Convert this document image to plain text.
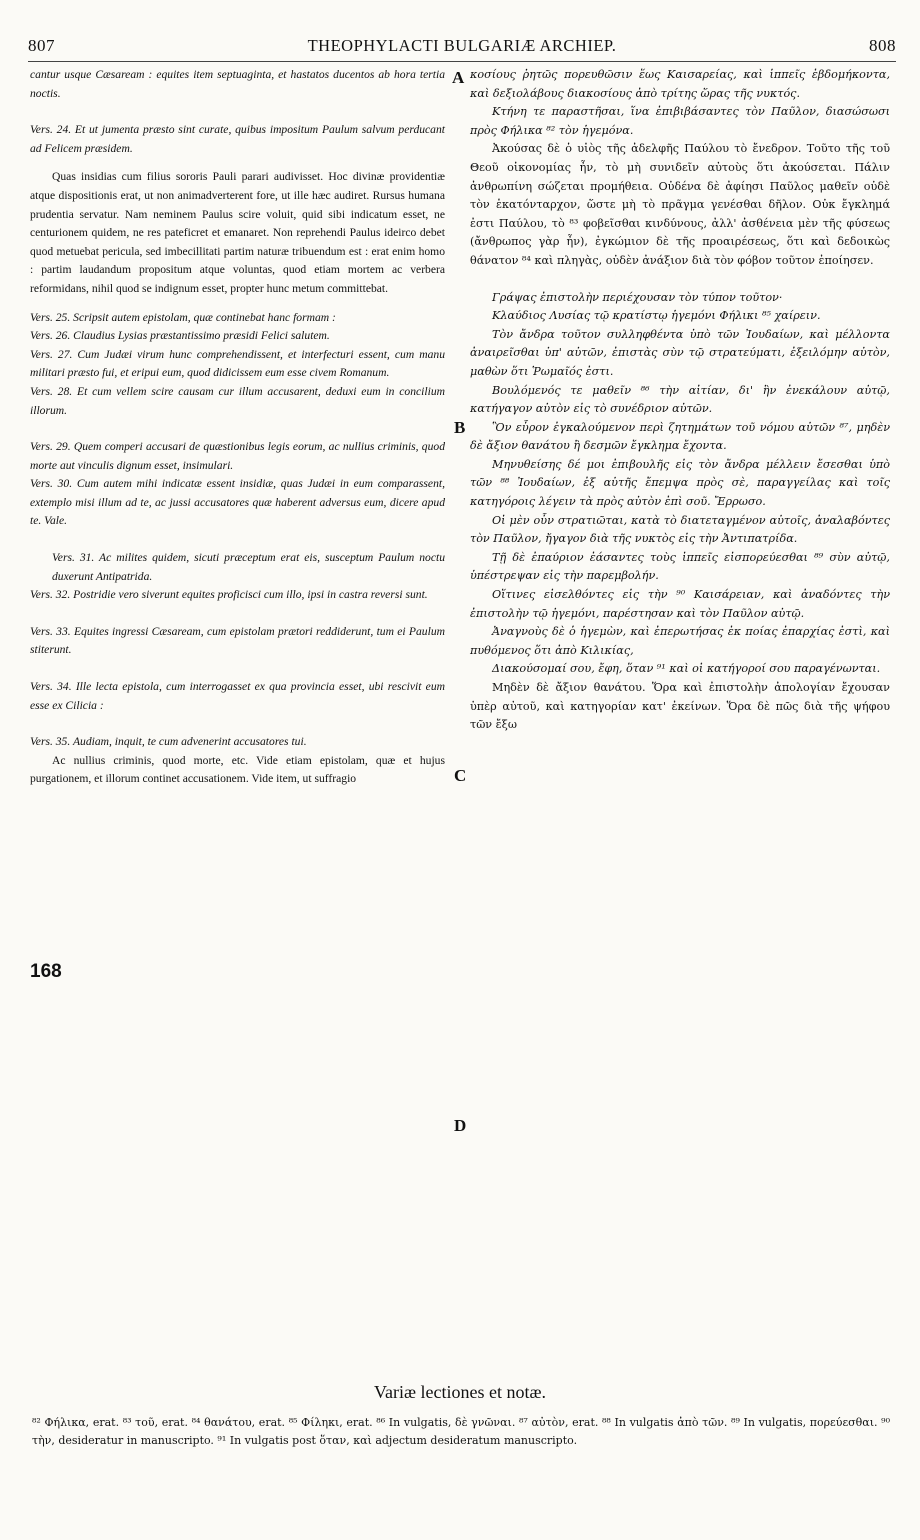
807	THEOPHYLACTI BULGARIÆ ARCHIEP.	808
A
B
C
D
168

cantur usque Cæsaream : equites item septuaginta, et hastatos ducentos ab hora tertia noctis.

Vers. 24. Et ut jumenta præsto sint curate, quibus impositum Paulum salvum perducant ad Felicem præsidem.

Quas insidias cum filius sororis Pauli parari audivisset. Hoc divinæ providentiæ atque dispositionis erat, ut non animadverterent fore, ut ille hæc audiret. Rursus humana prudentia servatur. Nam neminem Paulus scire voluit, quid sibi indicatum esset, ne centurionem quidem, ne res pateficret et emanaret. Non reprehendi Paulus ideirco debet quod metuebat pericula, sed imbecillitati partim naturæ tribuendum est : erat enim homo : partim laudandum propositum atque voluntas, quod etiam mortem ac verbera reformidans, nihil quod se indignum esset, propter hunc metum committebat.

Vers. 25. Scripsit autem epistolam, quæ continebat hanc formam :

Vers. 26. Claudius Lysias præstantissimo præsidi Felici salutem.

Vers. 27. Cum Judæi virum hunc comprehendissent, et interfecturi essent, cum manu militari præsto fui, et eripui eum, quod didicissem eum esse civem Romanum.

Vers. 28. Et cum vellem scire causam cur illum accusarent, deduxi eum in concilium illorum.

Vers. 29. Quem comperi accusari de quæstionibus legis eorum, ac nullius criminis, quod morte aut vinculis dignum esset, insimulari.

Vers. 30. Cum autem mihi indicatæ essent insidiæ, quas Judæi in eum comparassent, extemplo misi illum ad te, ac jussi accusatores quæ haberent adversus eum, dicere apud te. Vale.

Vers. 31. Ac milites quidem, sicuti præceptum erat eis, susceptum Paulum noctu duxerunt Antipatrida.

Vers. 32. Postridie vero siverunt equites proficisci cum illo, ipsi in castra reversi sunt.

Vers. 33. Equites ingressi Cæsaream, cum epistolam prætori reddiderunt, tum ei Paulum stiterunt.

Vers. 34. Ille lecta epistola, cum interrogasset ex qua provincia esset, ubi rescivit eum esse ex Cilicia :

Vers. 35. Audiam, inquit, te cum advenerint accusatores tui.

Ac nullius criminis, quod morte, etc. Vide etiam epistolam, quæ et hujus purgationem, et illorum continet accusationem. Vide item, ut suffragio

κοσίους ῥητῶς πορευθῶσιν ἕως Καισαρείας, καὶ ἱππεῖς ἑβδομήκοντα, καὶ δεξιολάβους διακοσίους ἀπὸ τρίτης ὥρας τῆς νυκτός.

Κτήνη τε παραστῆσαι, ἵνα ἐπιβιβάσαντες τὸν Παῦλον, διασώσωσι πρὸς Φήλικα ⁸² τὸν ἡγεμόνα.

Ἀκούσας δὲ ὁ υἱὸς τῆς ἀδελφῆς Παύλου τὸ ἔνεδρον. Τοῦτο τῆς τοῦ Θεοῦ οἰκονομίας ἦν, τὸ μὴ συνιδεῖν αὐτοὺς ὅτι ἀκούσεται. Πάλιν ἀνθρωπίνη σώζεται προμήθεια. Οὐδένα δὲ ἀφίησι Παῦλος μαθεῖν οὐδὲ τὸν ἑκατόνταρχον, ὥστε μὴ τὸ πρᾶγμα γενέσθαι δῆλον. Οὐκ ἔγκλημά ἐστι Παύλου, τὸ ⁸³ φοβεῖσθαι κινδύνους, ἀλλ' ἀσθένεια μὲν τῆς φύσεως (ἄνθρωπος γὰρ ἦν), ἐγκώμιον δὲ τῆς προαιρέσεως, ὅτι καὶ δεδοικὼς θάνατον ⁸⁴ καὶ πληγὰς, οὐδὲν ἀνάξιον διὰ τὸν φόβον τοῦτον ἐποίησεν.

Γράψας ἐπιστολὴν περιέχουσαν τὸν τύπον τοῦτον·

Κλαύδιος Λυσίας τῷ κρατίστῳ ἡγεμόνι Φήλικι ⁸⁵ χαίρειν.

Τὸν ἄνδρα τοῦτον συλληφθέντα ὑπὸ τῶν Ἰουδαίων, καὶ μέλλοντα ἀναιρεῖσθαι ὑπ' αὐτῶν, ἐπιστὰς σὺν τῷ στρατεύματι, ἐξειλόμην αὐτὸν, μαθὼν ὅτι Ῥωμαῖός ἐστι.

Βουλόμενός τε μαθεῖν ⁸⁶ τὴν αἰτίαν, δι' ἣν ἐνεκάλουν αὐτῷ, κατήγαγον αὐτὸν εἰς τὸ συνέδριον αὐτῶν.

Ὃν εὗρον ἐγκαλούμενον περὶ ζητημάτων τοῦ νόμου αὐτῶν ⁸⁷, μηδὲν δὲ ἄξιον θανάτου ἢ δεσμῶν ἔγκλημα ἔχοντα.

Μηνυθείσης δέ μοι ἐπιβουλῆς εἰς τὸν ἄνδρα μέλλειν ἔσεσθαι ὑπὸ τῶν ⁸⁸ Ἰουδαίων, ἐξ αὐτῆς ἔπεμψα πρὸς σὲ, παραγγείλας καὶ τοῖς κατηγόροις λέγειν τὰ πρὸς αὐτὸν ἐπὶ σοῦ. Ἔρρωσο.

Οἱ μὲν οὖν στρατιῶται, κατὰ τὸ διατεταγμένον αὐτοῖς, ἀναλαβόντες τὸν Παῦλον, ἤγαγον διὰ τῆς νυκτὸς εἰς τὴν Ἀντιπατρίδα.

Τῇ δὲ ἐπαύριον ἐάσαντες τοὺς ἱππεῖς εἰσπορεύεσθαι ⁸⁹ σὺν αὐτῷ, ὑπέστρεψαν εἰς τὴν παρεμβολήν.

Οἵτινες εἰσελθόντες εἰς τὴν ⁹⁰ Καισάρειαν, καὶ ἀναδόντες τὴν ἐπιστολὴν τῷ ἡγεμόνι, παρέστησαν καὶ τὸν Παῦλον αὐτῷ.

Ἀναγνοὺς δὲ ὁ ἡγεμὼν, καὶ ἐπερωτήσας ἐκ ποίας ἐπαρχίας ἐστὶ, καὶ πυθόμενος ὅτι ἀπὸ Κιλικίας,

Διακούσομαί σου, ἔφη, ὅταν ⁹¹ καὶ οἱ κατήγοροί σου παραγένωνται.

Μηδὲν δὲ ἄξιον θανάτου. Ὅρα καὶ ἐπιστολὴν ἀπολογίαν ἔχουσαν ὑπὲρ αὐτοῦ, καὶ κατηγορίαν κατ' ἐκείνων. Ὅρα δὲ πῶς διὰ τῆς ψήφου τῶν ἔξω

Variæ lectiones et notæ.
⁸² Φήλικα, erat. ⁸³ τοῦ, erat. ⁸⁴ θανάτου, erat. ⁸⁵ Φίληκι, erat. ⁸⁶ In vulgatis, δὲ γνῶναι. ⁸⁷ αὐτὸν, erat. ⁸⁸ In vulgatis ἀπὸ τῶν. ⁸⁹ In vulgatis, πορεύεσθαι. ⁹⁰ τὴν, desideratur in manuscripto. ⁹¹ In vulgatis post ὅταν, καὶ adjectum desideratum manuscripto.
